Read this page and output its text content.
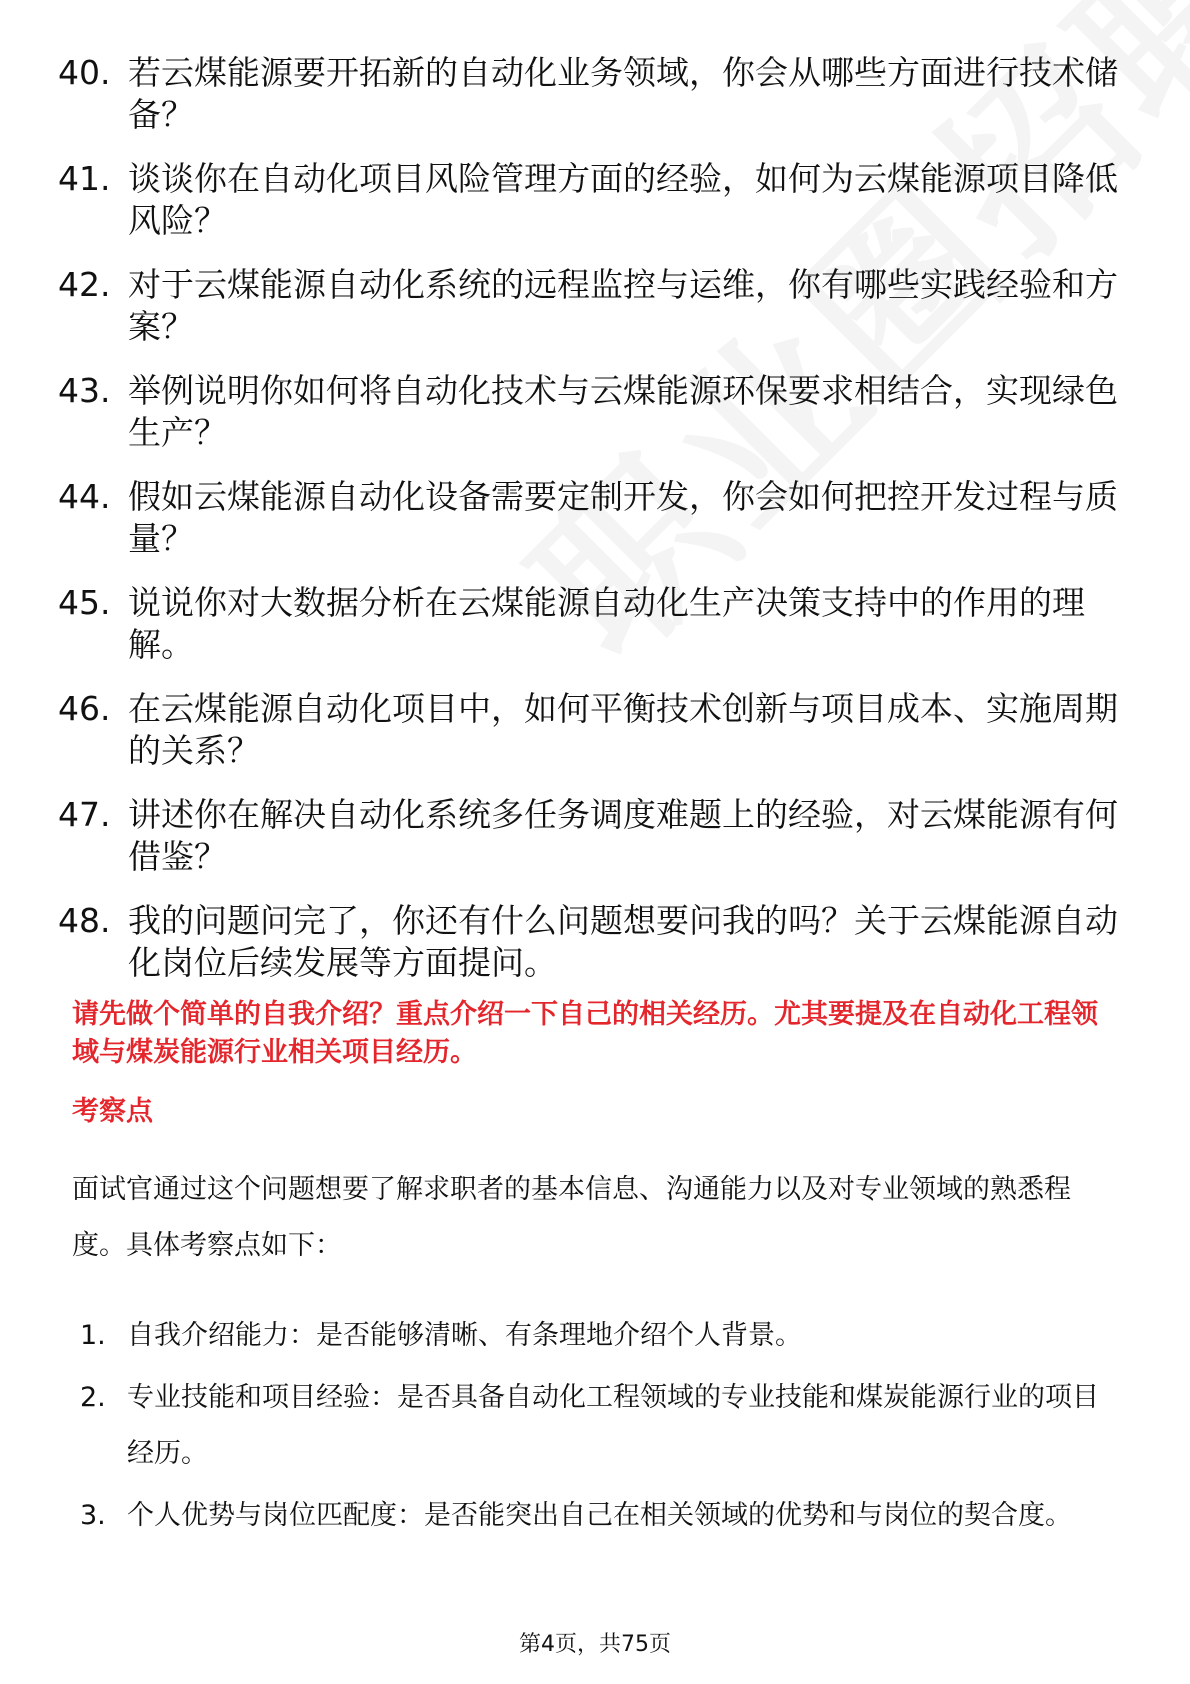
40. 若云煤能源要开拓新的自动化业务领域，你会从哪些方面进行技术储备？
41. 谈谈你在自动化项目风险管理方面的经验，如何为云煤能源项目降低风险？
42. 对于云煤能源自动化系统的远程监控与运维，你有哪些实践经验和方案？
43. 举例说明你如何将自动化技术与云煤能源环保要求相结合，实现绿色生产？
44. 假如云煤能源自动化设备需要定制开发，你会如何把控开发过程与质量？
45. 说说你对大数据分析在云煤能源自动化生产决策支持中的作用的理解。
46. 在云煤能源自动化项目中，如何平衡技术创新与项目成本、实施周期的关系？
47. 讲述你在解决自动化系统多任务调度难题上的经验，对云煤能源有何借鉴？
48. 我的问题问完了，你还有什么问题想要问我的吗？关于云煤能源自动化岗位后续发展等方面提问。
请先做个简单的自我介绍？重点介绍一下自己的相关经历。尤其要提及在自动化工程领域与煤炭能源行业相关项目经历。
考察点
面试官通过这个问题想要了解求职者的基本信息、沟通能力以及对专业领域的熟悉程度。具体考察点如下：
1. 自我介绍能力：是否能够清晰、有条理地介绍个人背景。
2. 专业技能和项目经验：是否具备自动化工程领域的专业技能和煤炭能源行业的项目经历。
3. 个人优势与岗位匹配度：是否能突出自己在相关领域的优势和与岗位的契合度。
第4页，共75页
